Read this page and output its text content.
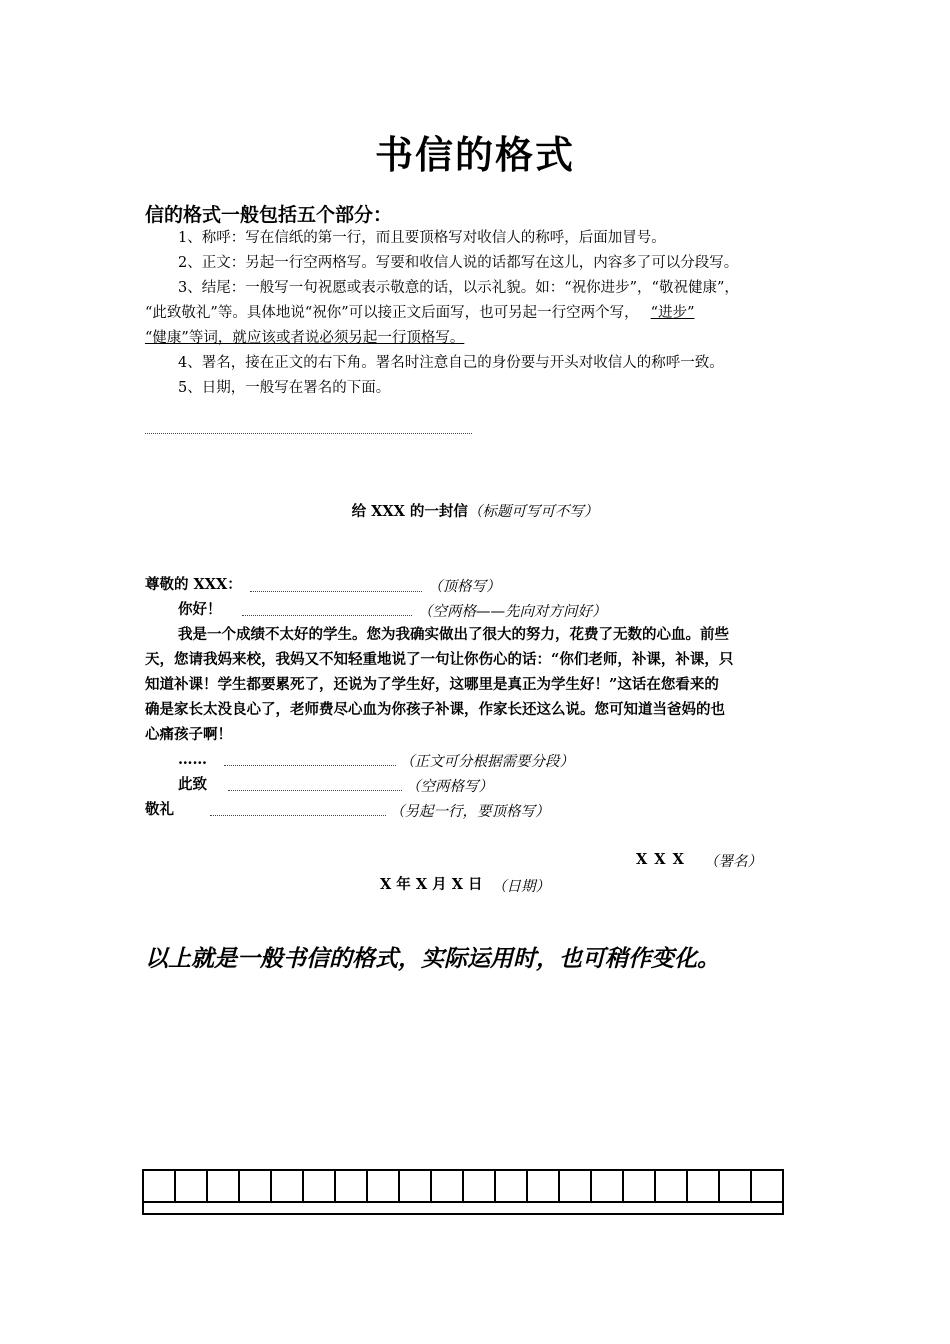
书信的格式
信的格式一般包括五个部分：
1、称呼：写在信纸的第一行，而且要顶格写对收信人的称呼，后面加冒号。
2、正文：另起一行空两格写。写要和收信人说的话都写在这儿，内容多了可以分段写。
3、结尾：一般写一句祝愿或表示敬意的话，以示礼貌。如：“祝你进步”，“敬祝健康”，
“此致敬礼”等。具体地说“祝你”可以接正文后面写，也可另起一行空两个写， “进步”
“健康”等词，就应该或者说必须另起一行顶格写。
4、署名，接在正文的右下角。署名时注意自己的身份要与开头对收信人的称呼一致。
5、日期，一般写在署名的下面。
给 XXX 的一封信（标题可写可不写）
尊敬的 XXX：	（顶格写）
你好！	（空两格——先向对方问好）
我是一个成绩不太好的学生。您为我确实做出了很大的努力，花费了无数的心血。前些
天，您请我妈来校，我妈又不知轻重地说了一句让你伤心的话：“你们老师，补课，补课，只
知道补课！学生都要累死了，还说为了学生好，这哪里是真正为学生好！”这话在您看来的
确是家长太没良心了，老师费尽心血为你孩子补课，作家长还这么说。您可知道当爸妈的也
心痛孩子啊！
……	（正文可分根据需要分段）
此致	（空两格写）
敬礼	（另起一行，要顶格写）
X X X （署名）
X 年 X 月 X 日 （日期）
以上就是一般书信的格式，实际运用时，也可稍作变化。
